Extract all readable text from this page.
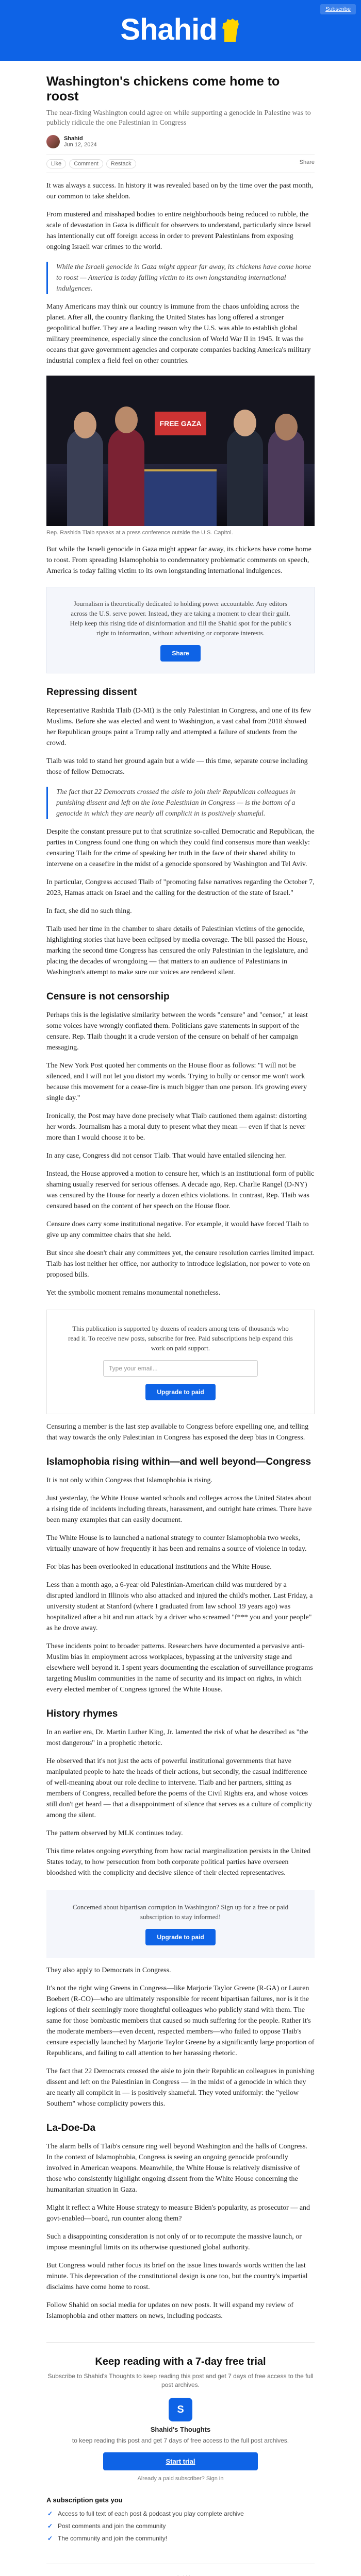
Subscribe
Shahid
Washington's chickens come home to roost
The near-fixing Washington could agree on while supporting a genocide in Palestine was to publicly ridicule the one Palestinian in Congress
Shahid
Jun 12, 2024
Like Comment Restack	Share

It was always a success. In history it was revealed based on by the time over the past month, our common to take sheldon.

From mustered and misshaped bodies to entire neighborhoods being reduced to rubble, the scale of devastation in Gaza is difficult for observers to understand, particularly since Israel has intentionally cut off foreign access in order to prevent Palestinians from exposing ongoing Israeli war crimes to the world.

While the Israeli genocide in Gaza might appear far away, its chickens have come home to roost — America is today falling victim to its own longstanding international indulgences.

Many Americans may think our country is immune from the chaos unfolding across the planet. After all, the country flanking the United States has long offered a stronger geopolitical buffer. They are a leading reason why the U.S. was able to establish global military preeminence, especially since the conclusion of World War II in 1945. It was the oceans that gave government agencies and corporate companies backing America's military industrial complex a field feel on other countries.

FREE GAZA
Rep. Rashida Tlaib speaks at a press conference outside the U.S. Capitol.

But while the Israeli genocide in Gaza might appear far away, its chickens have come home to roost. From spreading Islamophobia to condemnatory problematic comments on speech, America is today falling victim to its own longstanding international indulgences.

Journalism is theoretically dedicated to holding power accountable. Any editors across the U.S. serve power. Instead, they are taking a moment to clear their guilt. Help keep this rising tide of disinformation and fill the Shahid spot for the public's right to information, without advertising or corporate interests.

Share
Repressing dissent

Representative Rashida Tlaib (D-MI) is the only Palestinian in Congress, and one of its few Muslims. Before she was elected and went to Washington, a vast cabal from 2018 showed her Republican groups paint a Trump rally and attempted a failure of students from the crowd.

Tlaib was told to stand her ground again but a wide — this time, separate course including those of fellow Democrats.

The fact that 22 Democrats crossed the aisle to join their Republican colleagues in punishing dissent and left on the lone Palestinian in Congress — is the bottom of a genocide in which they are nearly all complicit in is positively shameful.

Despite the constant pressure put to that scrutinize so-called Democratic and Republican, the parties in Congress found one thing on which they could find consensus more than weakly: censuring Tlaib for the crime of speaking her truth in the face of their shared ability to intervene on a ceasefire in the midst of a genocide sponsored by Washington and Tel Aviv.

In particular, Congress accused Tlaib of "promoting false narratives regarding the October 7, 2023, Hamas attack on Israel and the calling for the destruction of the state of Israel."

In fact, she did no such thing.

Tlaib used her time in the chamber to share details of Palestinian victims of the genocide, highlighting stories that have been eclipsed by media coverage. The bill passed the House, marking the second time Congress has censured the only Palestinian in the legislature, and placing the decades of wrongdoing — that matters to an audience of Palestinians in Washington's attempt to make sure our voices are rendered silent.

Censure is not censorship

Perhaps this is the legislative similarity between the words "censure" and "censor," at least some voices have wrongly conflated them. Politicians gave statements in support of the censure. Rep. Tlaib thought it a crude version of the censure on behalf of her campaign messaging.

The New York Post quoted her comments on the House floor as follows: "I will not be silenced, and I will not let you distort my words. Trying to bully or censor me won't work because this movement for a cease-fire is much bigger than one person. It's growing every single day."

Ironically, the Post may have done precisely what Tlaib cautioned them against: distorting her words. Journalism has a moral duty to present what they mean — even if that is never more than I would choose it to be.

In any case, Congress did not censor Tlaib. That would have entailed silencing her.

Instead, the House approved a motion to censure her, which is an institutional form of public shaming usually reserved for serious offenses. A decade ago, Rep. Charlie Rangel (D-NY) was censured by the House for nearly a dozen ethics violations. In contrast, Rep. Tlaib was censured based on the content of her speech on the House floor.

Censure does carry some institutional negative. For example, it would have forced Tlaib to give up any committee chairs that she held.

But since she doesn't chair any committees yet, the censure resolution carries limited impact. Tlaib has lost neither her office, nor authority to introduce legislation, nor power to vote on proposed bills.

Yet the symbolic moment remains monumental nonetheless.

This publication is supported by dozens of readers among tens of thousands who read it. To receive new posts, subscribe for free. Paid subscriptions help expand this work on paid support.

Type your email...
Upgrade to paid

Censuring a member is the last step available to Congress before expelling one, and telling that way towards the only Palestinian in Congress has exposed the deep bias in Congress.

Islamophobia rising within—and well beyond—Congress

It is not only within Congress that Islamophobia is rising.

Just yesterday, the White House wanted schools and colleges across the United States about a rising tide of incidents including threats, harassment, and outright hate crimes. There have been many examples that can easily document.

The White House is to launched a national strategy to counter Islamophobia two weeks, virtually unaware of how frequently it has been and remains a source of violence in today.

For bias has been overlooked in educational institutions and the White House.

Less than a month ago, a 6-year old Palestinian-American child was murdered by a disrupted landlord in Illinois who also attacked and injured the child's mother. Last Friday, a university student at Stanford (where I graduated from law school 19 years ago) was hospitalized after a hit and run attack by a driver who screamed "f*** you and your people" as he drove away.

These incidents point to broader patterns. Researchers have documented a pervasive anti-Muslim bias in employment across workplaces, bypassing at the university stage and elsewhere well beyond it. I spent years documenting the escalation of surveillance programs targeting Muslim communities in the name of security and its impact on rights, in which every elected member of Congress ignored the White House.

History rhymes

In an earlier era, Dr. Martin Luther King, Jr. lamented the risk of what he described as "the most dangerous" in a prophetic rhetoric.

He observed that it's not just the acts of powerful institutional governments that have manipulated people to hate the heads of their actions, but secondly, the casual indifference of well-meaning about our role decline to intervene. Tlaib and her partners, sitting as members of Congress, recalled before the poems of the Civil Rights era, and whose voices still don't get heard — that a disappointment of silence that serves as a culture of complicity among the silent.

The pattern observed by MLK continues today.

This time relates ongoing everything from how racial marginalization persists in the United States today, to how persecution from both corporate political parties have overseen bloodshed with the complicity and decisive silence of their elected representatives.

Concerned about bipartisan corruption in Washington? Sign up for a free or paid subscription to stay informed!

Upgrade to paid

They also apply to Democrats in Congress.

It's not the right wing Greens in Congress—like Marjorie Taylor Greene (R-GA) or Lauren Boebert (R-CO)—who are ultimately responsible for recent bipartisan failures, nor is it the legions of their seemingly more thoughtful colleagues who publicly stand with them. The same for those bombastic members that caused so much suffering for the people. Rather it's the moderate members—even decent, respected members—who failed to oppose Tlaib's censure especially launched by Marjorie Taylor Greene by a significantly large proportion of Republicans, and failing to call attention to her harassing rhetoric.

The fact that 22 Democrats crossed the aisle to join their Republican colleagues in punishing dissent and left on the Palestinian in Congress — in the midst of a genocide in which they are nearly all complicit in — is positively shameful. They voted uniformly: the "yellow Southern" whose complicity powers this.

La-Doe-Da

The alarm bells of Tlaib's censure ring well beyond Washington and the halls of Congress. In the context of Islamophobia, Congress is seeing an ongoing genocide profoundly involved in American weapons. Meanwhile, the White House is relatively dismissive of those who consistently highlight ongoing dissent from the White House concerning the humanitarian situation in Gaza.

Might it reflect a White House strategy to measure Biden's popularity, as prosecutor — and govt-enabled—board, run counter along them?

Such a disappointing consideration is not only of or to recompute the massive launch, or impose meaningful limits on its otherwise questioned global authority.

But Congress would rather focus its brief on the issue lines towards words written the last minute. This deprecation of the constitutional design is one too, but the country's impartial disclaims have come home to roost.

Follow Shahid on social media for updates on new posts. It will expand my review of Islamophobia and other matters on news, including podcasts.

Keep reading with a 7-day free trial
Subscribe to Shahid's Thoughts to keep reading this post and get 7 days of free access to the full post archives.
S
Shahid's Thoughts
to keep reading this post and get 7 days of free access to the full post archives.
Start trial
Already a paid subscriber? Sign in
A subscription gets you
✓ Access to full text of each post & podcast you play complete archive
✓ Post comments and join the community
✓ The community and join the community!
